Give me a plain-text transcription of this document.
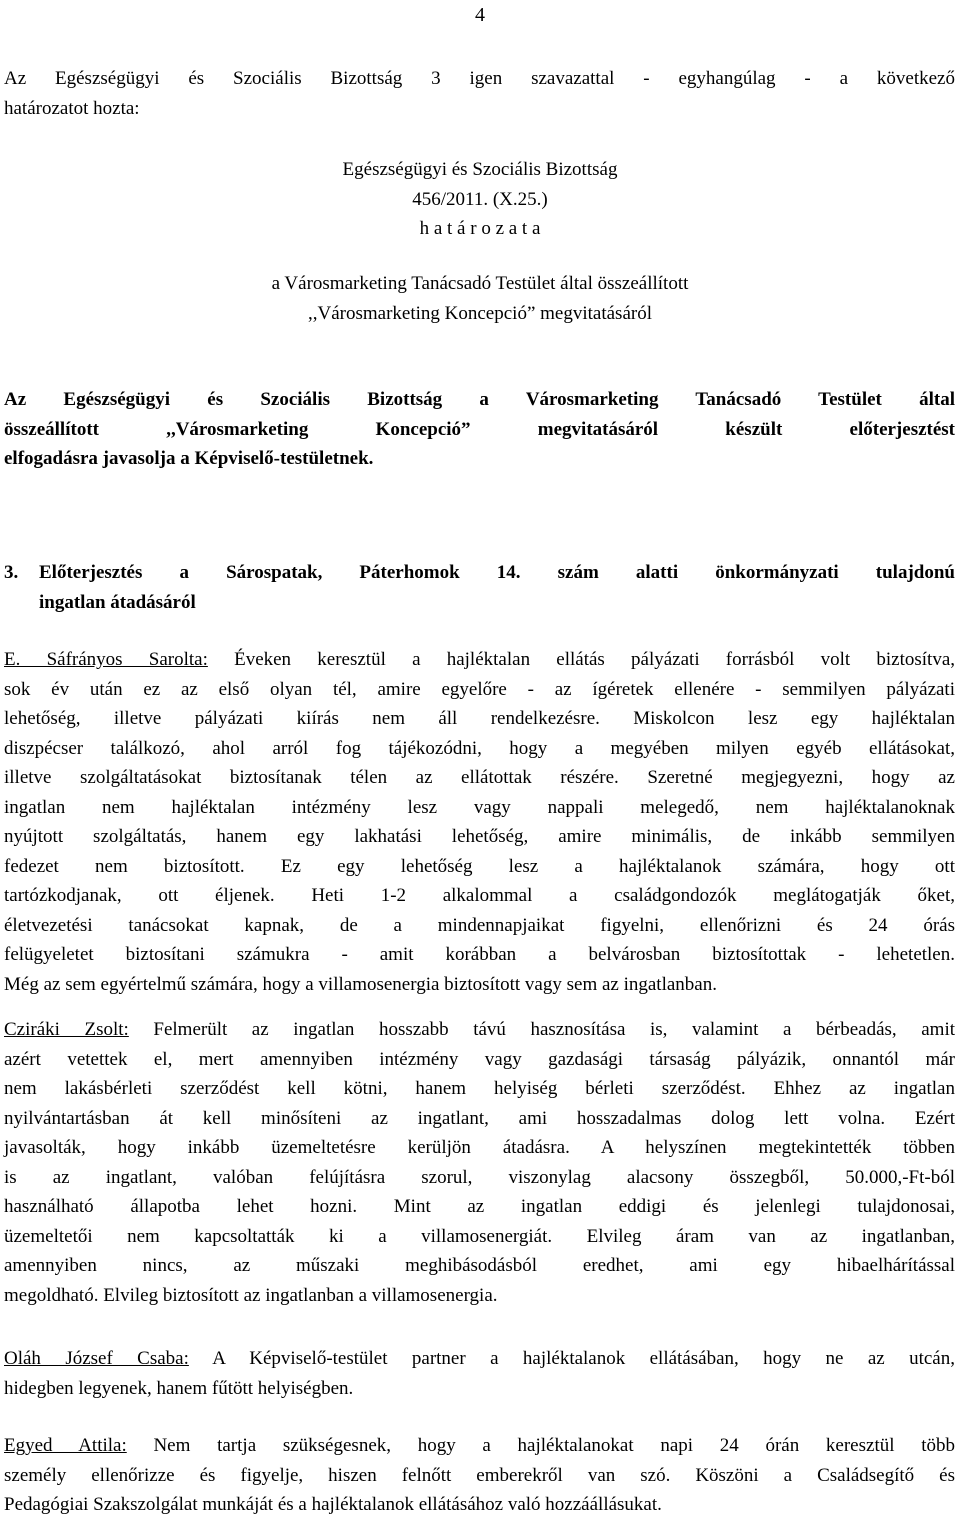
4
Az Egészségügyi és Szociális Bizottság 3 igen szavazattal - egyhangúlag - a következő
határozatot hozta:
Egészségügyi és Szociális Bizottság
456/2011. (X.25.)
h a t á r o z a t a
a Városmarketing Tanácsadó Testület által összeállított
,,Városmarketing Koncepció” megvitatásáról
Az Egészségügyi és Szociális Bizottság a Városmarketing Tanácsadó Testület által
összeállított ,,Városmarketing Koncepció” megvitatásáról készült előterjesztést
elfogadásra javasolja a Képviselő-testületnek.
3. Előterjesztés a Sárospatak, Páterhomok 14. szám alatti önkormányzati tulajdonú
ingatlan átadásáról
E. Sáfrányos Sarolta: Éveken keresztül a hajléktalan ellátás pályázati forrásból volt biztosítva,
sok év után ez az első olyan tél, amire egyelőre - az ígéretek ellenére - semmilyen pályázati
lehetőség, illetve pályázati kiírás nem áll rendelkezésre. Miskolcon lesz egy hajléktalan
diszpécser találkozó, ahol arról fog tájékozódni, hogy a megyében milyen egyéb ellátásokat,
illetve szolgáltatásokat biztosítanak télen az ellátottak részére. Szeretné megjegyezni, hogy az
ingatlan nem hajléktalan intézmény lesz vagy nappali melegedő, nem hajléktalanoknak
nyújtott szolgáltatás, hanem egy lakhatási lehetőség, amire minimális, de inkább semmilyen
fedezet nem biztosított. Ez egy lehetőség lesz a hajléktalanok számára, hogy ott
tartózkodjanak, ott éljenek. Heti 1-2 alkalommal a családgondozók meglátogatják őket,
életvezetési tanácsokat kapnak, de a mindennapjaikat figyelni, ellenőrizni és 24 órás
felügyeletet biztosítani számukra - amit korábban a belvárosban biztosítottak - lehetetlen.
Még az sem egyértelmű számára, hogy a villamosenergia biztosított vagy sem az ingatlanban.
Cziráki Zsolt: Felmerült az ingatlan hosszabb távú hasznosítása is, valamint a bérbeadás, amit
azért vetettek el, mert amennyiben intézmény vagy gazdasági társaság pályázik, onnantól már
nem lakásbérleti szerződést kell kötni, hanem helyiség bérleti szerződést. Ehhez az ingatlan
nyilvántartásban át kell minősíteni az ingatlant, ami hosszadalmas dolog lett volna. Ezért
javasolták, hogy inkább üzemeltetésre kerüljön átadásra. A helyszínen megtekintették többen
is az ingatlant, valóban felújításra szorul, viszonylag alacsony összegből, 50.000,-Ft-ból
használható állapotba lehet hozni. Mint az ingatlan eddigi és jelenlegi tulajdonosai,
üzemeltetői nem kapcsoltatták ki a villamosenergiát. Elvileg áram van az ingatlanban,
amennyiben nincs, az műszaki meghibásodásból eredhet, ami egy hibaelhárítással
megoldható. Elvileg biztosított az ingatlanban a villamosenergia.
Oláh József Csaba: A Képviselő-testület partner a hajléktalanok ellátásában, hogy ne az utcán,
hidegben legyenek, hanem fűtött helyiségben.
Egyed Attila: Nem tartja szükségesnek, hogy a hajléktalanokat napi 24 órán keresztül több
személy ellenőrizze és figyelje, hiszen felnőtt emberekről van szó. Köszöni a Családsegítő és
Pedagógiai Szakszolgálat munkáját és a hajléktalanok ellátásához való hozzáállásukat.
